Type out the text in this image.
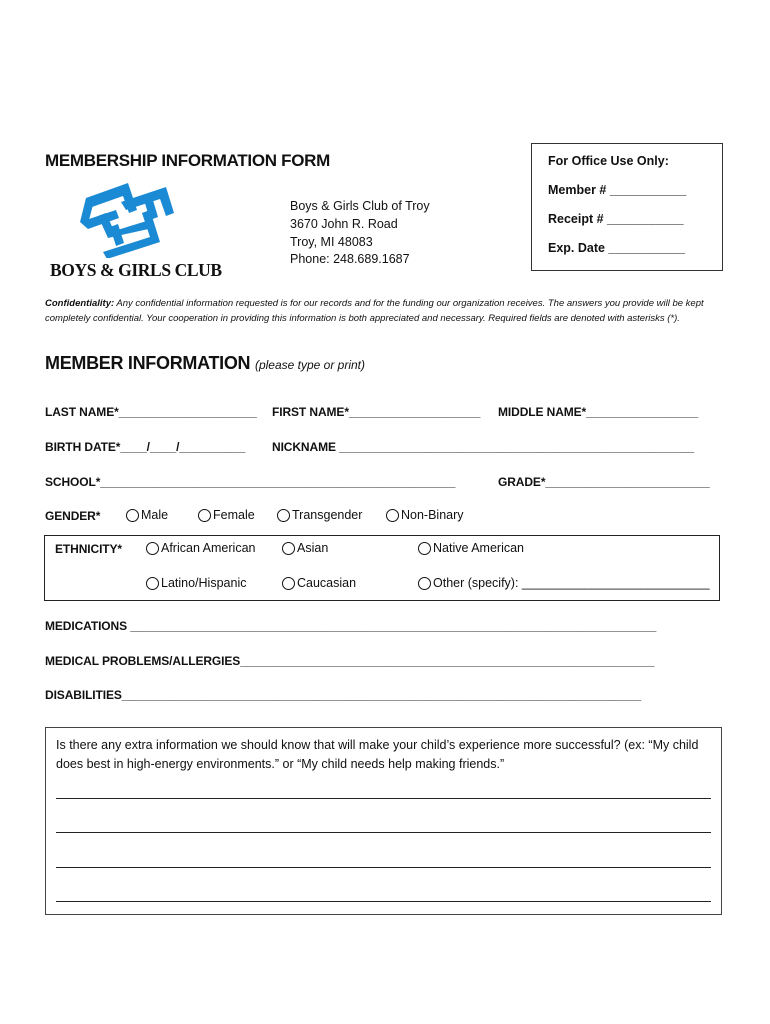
MEMBERSHIP INFORMATION FORM	For Office Use Only:
Member # ___________
Receipt # ___________
Exp. Date ___________
BOYS & GIRLS CLUB
Boys & Girls Club of Troy
3670 John R. Road
Troy, MI 48083
Phone: 248.689.1687
Confidentiality: Any confidential information requested is for our records and for the funding our organization receives. The answers you provide will be kept completely confidential. Your cooperation in providing this information is both appreciated and necessary. Required fields are denoted with asterisks (*).
MEMBER INFORMATION (please type or print)
LAST NAME*_____________________ FIRST NAME*____________________ MIDDLE NAME*_________________
BIRTH DATE*____/____/__________ NICKNAME ______________________________________________________
SCHOOL*______________________________________________________	GRADE*_________________________
GENDER*	Male	Female	Transgender	Non-Binary
ETHNICITY*	African American	Asian	Native American
Latino/Hispanic	Caucasian	Other (specify): ___________________________
MEDICATIONS ________________________________________________________________________________
MEDICAL PROBLEMS/ALLERGIES_______________________________________________________________
DISABILITIES_______________________________________________________________________________
Is there any extra information we should know that will make your child’s experience more successful? (ex: “My child does best in high-energy environments.” or “My child needs help making friends.”
